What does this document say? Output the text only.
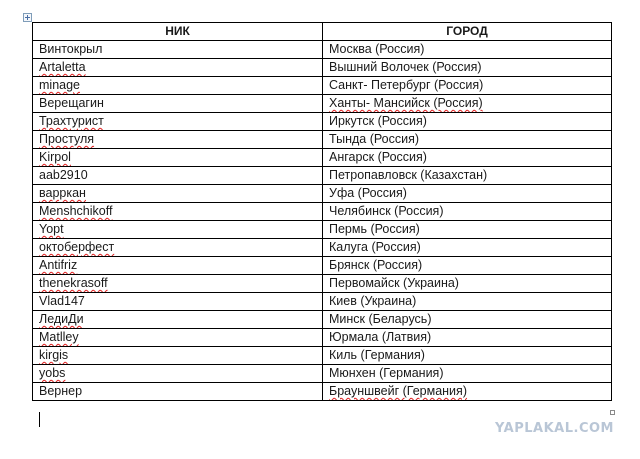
НИК	ГОРОД
Винтокрыл	Москва (Россия)
Artaletta	Вышний Волочек (Россия)
minage	Санкт- Петербург (Россия)
Верещагин	Ханты- Мансийск (Россия)
Трахтурист	Иркутск (Россия)
Простуля	Тында (Россия)
Kirpol	Ангарск (Россия)
aab2910	Петропавловск (Казахстан)
варркан	Уфа (Россия)
Menshchikoff	Челябинск (Россия)
Yopt	Пермь (Россия)
октоберфест	Калуга (Россия)
Antifriz	Брянск (Россия)
thenekrasoff	Первомайск (Украина)
Vlad147	Киев (Украина)
ЛедиДи	Минск (Беларусь)
Matlley	Юрмала (Латвия)
kirgis	Киль (Германия)
yobs	Мюнхен (Германия)
Вернер	Брауншвейг (Германия)
YAPLAKAL.COM
